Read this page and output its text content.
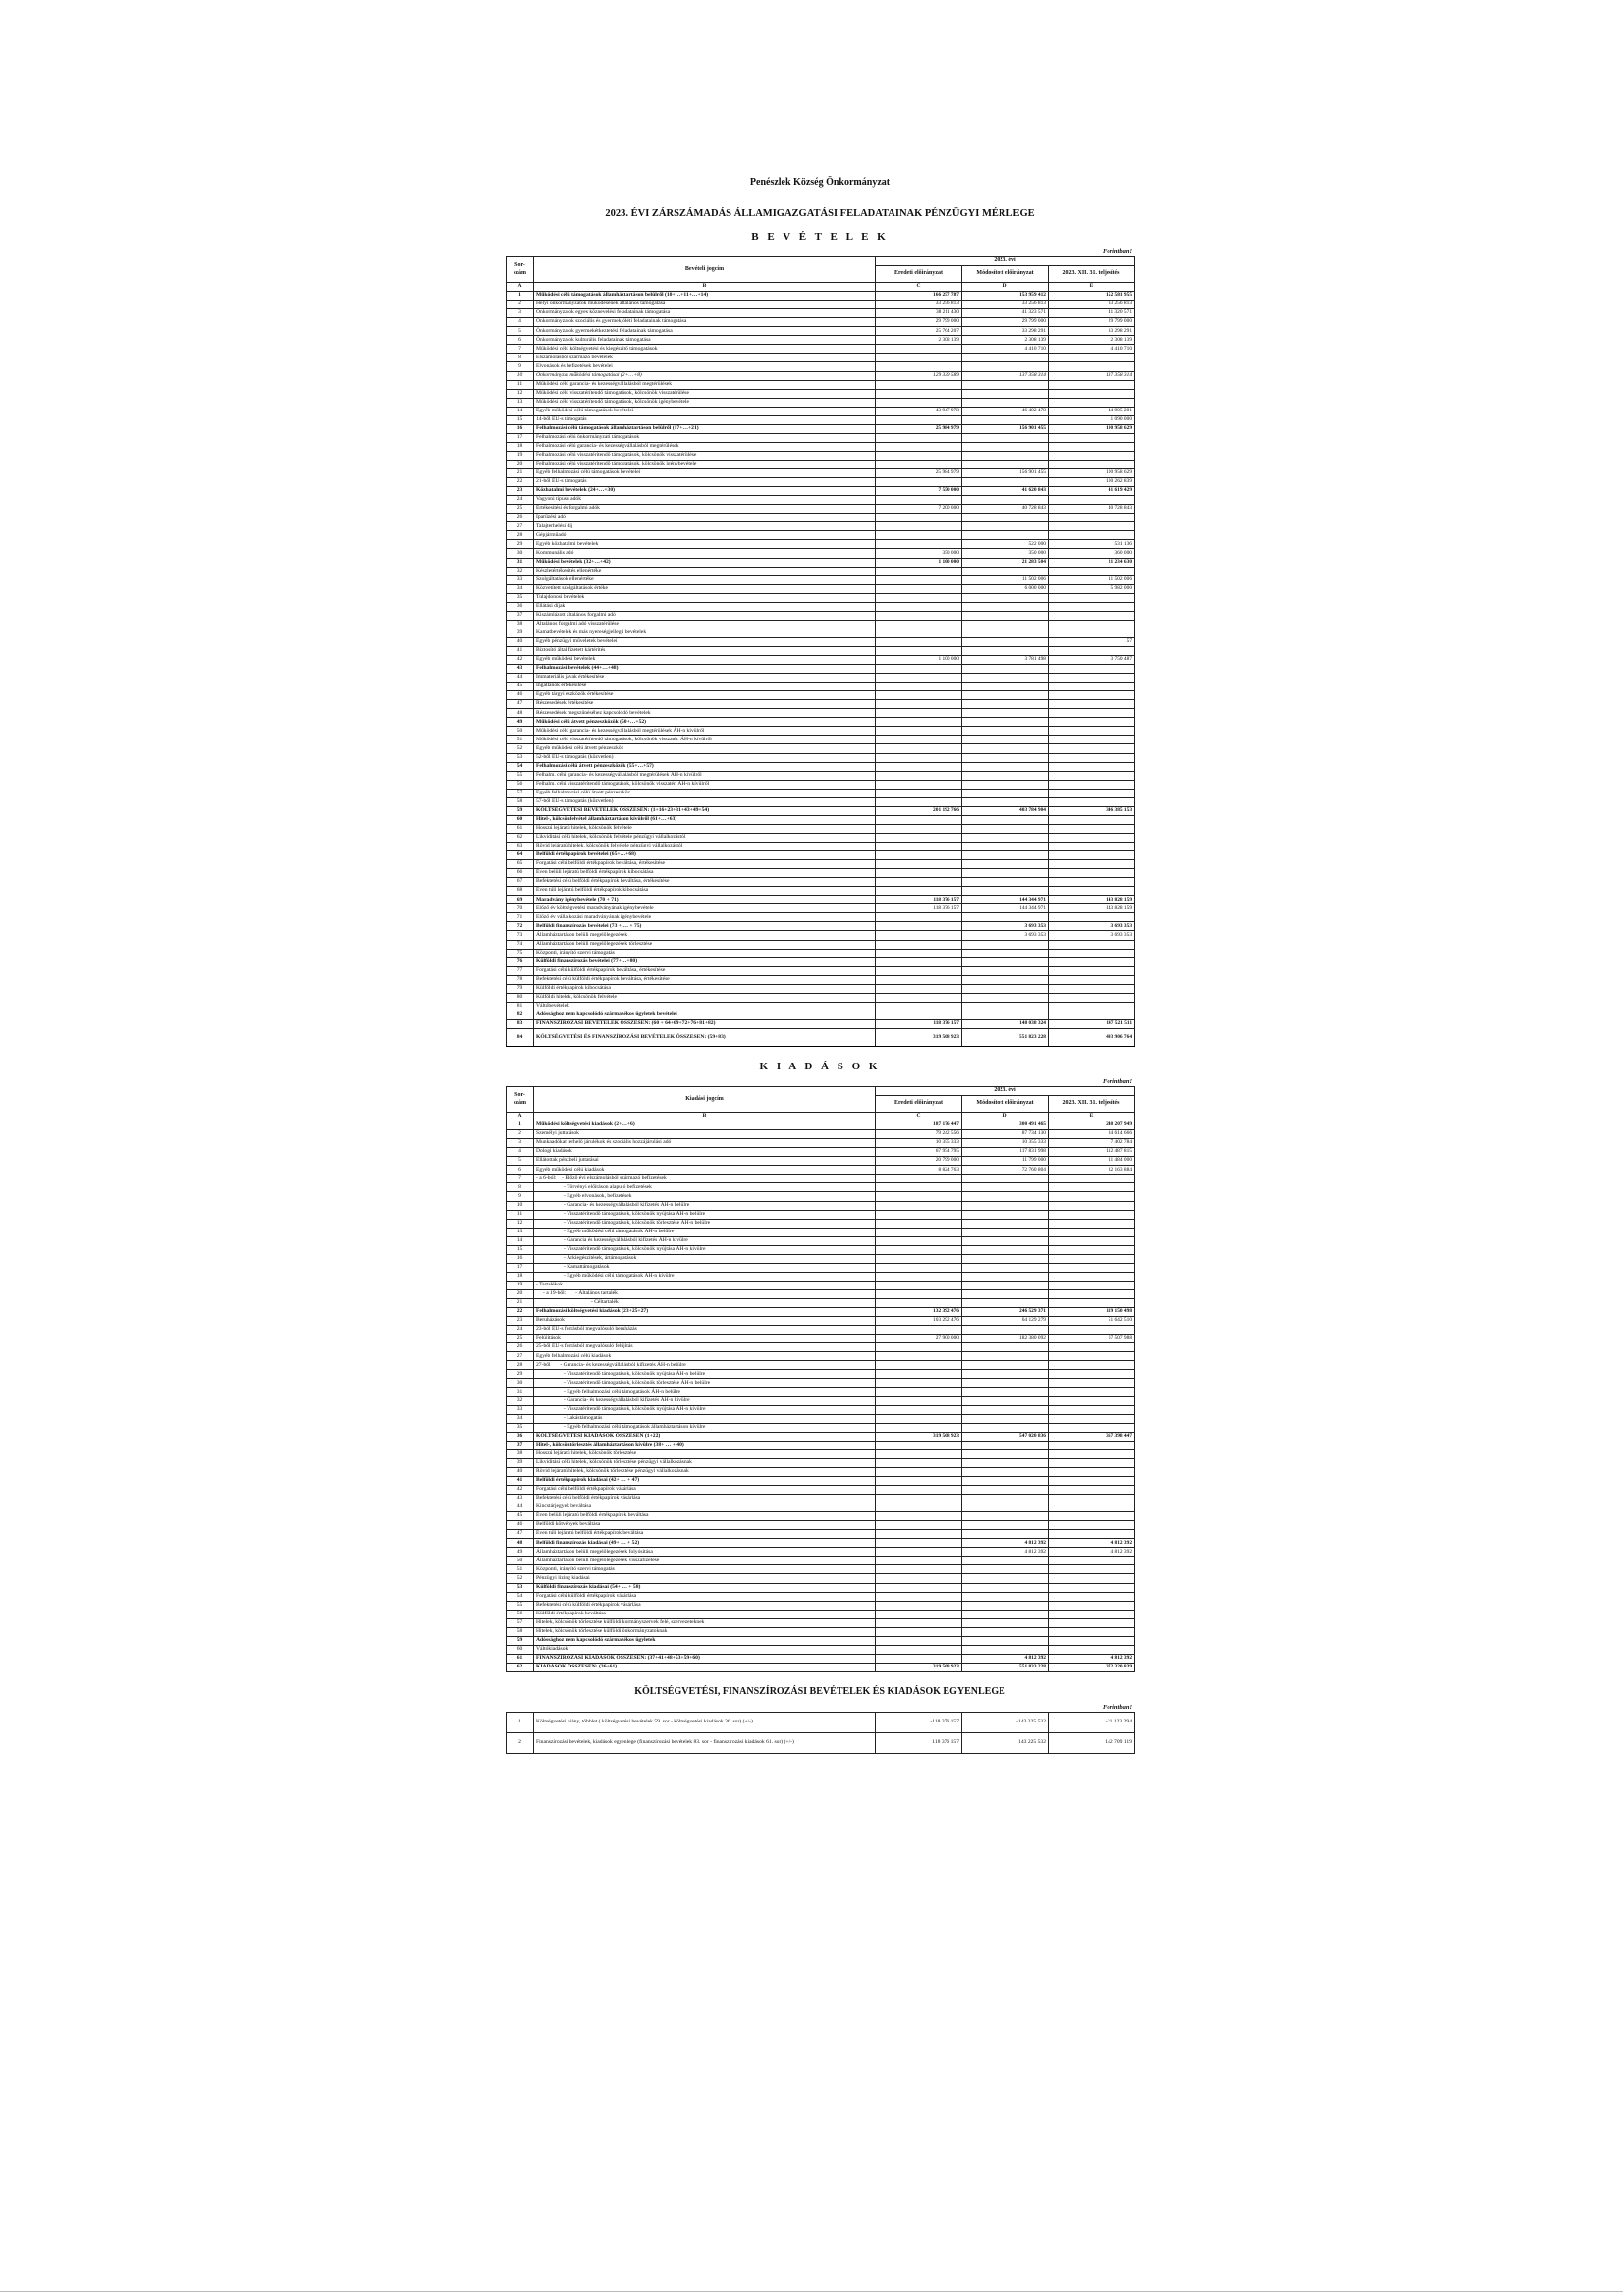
Penészlek Község Önkormányzat
2023. ÉVI ZÁRSZÁMADÁS ÁLLAMIGAZGATÁSI FELADATAINAK PÉNZÜGYI MÉRLEGE
B E V É T E L E K
Forintban!
Sor-szám	Bevételi jogcím	2023. évi		
		Eredeti előirányzat	Módosított előirányzat	2023. XII. 31. teljesítés
A	B	C	D	E
1	Működési célú támogatások államháztartáson belülről (10+…+11+…+14)	166 257 787	153 959 412	152 581 955
2	Helyi önkormányzatok működésének általános támogatása	33 256 813	33 256 813	33 256 813
3	Önkormányzatok egyes köznevelési feladatainak támogatása	38 211 430	41 323 571	41 320 571
4	Önkormányzatok szociális és gyermekjóléti feladatainak támogatása	29 799 000	29 799 000	29 799 000
5	Önkormányzatok gyermekétkeztetési feladatainak támogatása	25 764 207	33 298 291	33 298 291
6	Önkormányzatok kulturális feladatainak támogatása	2 308 139	2 308 139	2 308 139
7	Működési célú költségvetési és kiegészítő támogatások		4 410 710	4 410 710
8	Elszámolásból származó bevételek			
9	Elvonások és befizetések bevételei			
10	Önkormányzat működési támogatásai (2+…+8)	129 339 589	137 358 314	137 358 314
11	Működési célú garancia- és kezességvállalásból megtérülések			
12	Működési célú visszatérítendő támogatások, kölcsönök visszatérülése			
13	Működési célú visszatérítendő támogatások, kölcsönök igénybevétele			
14	Egyéb működési célú támogatások bevételei	43 947 978	46 402 478	44 905 201
15	14-ből EU-s támogatás			1 090 000
16	Felhalmozási célú támogatások államháztartáson belülről (17+…+21)	25 984 979	156 901 455	100 958 629
17	Felhalmozási célú önkormányzati támogatások			
18	Felhalmozási célú garancia- és kezességvállalásból megtérülések			
19	Felhalmozási célú visszatérítendő támogatások, kölcsönök visszatérülése			
20	Felhalmozási célú visszatérítendő támogatások, kölcsönök igénybevétele			
21	Egyéb felhalmozási célú támogatások bevételei	25 984 979	156 901 455	100 958 629
22	21-ből EU-s támogatás			100 262 839
23	Közhatalmi bevételek (24+…+30)	7 550 000	41 620 843	41 619 429
24	Vagyoni típusú adók			
25	Értékesítési és forgalmi adók	7 200 000	40 728 843	40 728 843
26	Iparűzési adó			
27	Talajterhelési díj			
28	Gépjárműadó			
29	Egyéb közhatalmi bevételek		522 000	531 136
30	Kommunális adó	350 000	350 000	360 000
31	Működési bevételek (32+…+42)	1 100 000	21 283 504	21 234 630
32	Készletértékesítés ellenértéke			
33	Szolgáltatások ellenértéke		11 502 006	11 502 006
34	Közvetített szolgáltatások értéke		6 000 000	5 982 000
35	Tulajdonosi bevételek			
36	Ellátási díjak			
37	Kiszámlázott általános forgalmi adó			
38	Általános forgalmi adó visszatérülése			
39	Kamatbevételek és más nyereségjellegű bevételek			
40	Egyéb pénzügyi műveletek bevételei			57
41	Biztosító által fizetett kártérítés			
42	Egyéb működési bevételek	1 100 000	3 781 498	3 750 487
43	Felhalmozási bevételek (44+…+48)			
44	Immateriális javak értékesítése			
45	Ingatlanok értékesítése			
46	Egyéb tárgyi eszközök értékesítése			
47	Részesedések értékesítése			
48	Részesedések megszűnéséhez kapcsolódó bevételek			
49	Működési célú átvett pénzeszközök (50+…+52)			
50	Működési célú garancia- és kezességvállalásból megtérülések ÁH-n kívülről			
51	Működési célú visszatérítendő támogatások, kölcsönök visszatér. ÁH-n kívülről			
52	Egyéb működési célú átvett pénzeszköz			
53	52-ből EU-s támogatás (közvetlen)			
54	Felhalmozási célú átvett pénzeszközök (55+…+57)			
55	Felhalm. célú garancia- és kezességvállalásból megtérülések ÁH-n kívülről			
56	Felhalm. célú visszatérítendő támogatások, kölcsönök visszatér. ÁH-n kívülről			
57	Egyéb felhalmozási célú átvett pénzeszköz			
58	57-ből EU-s támogatás (közvetlen)			
59	KÖLTSÉGVETÉSI BEVÉTELEK ÖSSZESEN: (1+16+23+31+43+49+54)	201 192 766	403 784 904	346 385 153
60	Hitel-, kölcsönfelvétel államháztartáson kívülről (61+…+63)			
61	Hosszú lejáratú hitelek, kölcsönök felvétele			
62	Likviditási célú hitelek, kölcsönök felvétele pénzügyi vállalkozástól			
63	Rövid lejáratú hitelek, kölcsönök felvétele pénzügyi vállalkozástól			
64	Belföldi értékpapírok bevételei (65+…+68)			
65	Forgatási célú belföldi értékpapírok beváltása, értékesítése			
66	Éven belüli lejáratú belföldi értékpapírok kibocsátása			
67	Befektetési célú belföldi értékpapírok beváltása, értékesítése			
68	Éven túli lejáratú belföldi értékpapírok kibocsátása			
69	Maradvány igénybevétele (70 + 71)	118 376 157	144 344 971	143 828 159
70	Előző év költségvetési maradványának igénybevétele	118 376 157	144 344 971	143 828 159
71	Előző év vállalkozási maradványának igénybevétele			
72	Belföldi finanszírozás bevételei (73 + … + 75)		3 693 353	3 693 353
73	Államháztartáson belüli megelőlegezések		3 693 353	3 693 353
74	Államháztartáson belüli megelőlegezések törlesztése			
75	Központi, irányító szervi támogatás			
76	Külföldi finanszírozás bevételei (77+…+80)			
77	Forgatási célú külföldi értékpapírok beváltása, értékesítése			
78	Befektetési célú külföldi értékpapírok beváltása, értékesítése			
79	Külföldi értékpapírok kibocsátása			
80	Külföldi hitelek, kölcsönök felvétele			
81	Váltóbevételek			
82	Adóssághoz nem kapcsolódó származékos ügyletek bevételei			
83	FINANSZÍROZÁSI BEVÉTELEK ÖSSZESEN: (60 + 64+69+72+76+81+82)	118 376 157	148 038 324	147 521 511
84	KÖLTSÉGVETÉSI ÉS FINANSZÍROZÁSI BEVÉTELEK ÖSSZESEN: (59+83)	319 568 923	551 823 228	493 906 764
K I A D Á S O K
Forintban!
Sor-szám	Kiadási jogcím	2023. évi		
		Eredeti előirányzat	Módosított előirányzat	2023. XII. 31. teljesítés
A	B	C	D	E
1	Működési költségvetési kiadások (2+…+6)	187 176 447	300 491 465	248 207 949
2	Személyi juttatások	79 242 556	87 734 130	84 614 666
3	Munkaadókat terhelő járulékok és szociális hozzájárulási adó	10 355 333	10 355 333	7 402 784
4	Dologi kiadások	67 954 795	117 831 998	112 487 815
5	Ellátottak pénzbeli juttatásai	20 799 000	11 799 000	11 484 000
6	Egyéb működési célú kiadások	8 824 763	72 760 804	32 163 884
7	- a 6-ból:    - Előző évi elszámolásból származó befizetések			
8	- Törvényi előíráson alapuló befizetések			
9	- Egyéb elvonások, befizetések			
10	- Garancia- és kezességvállalásból kifizetés ÁH-n belülre			
11	- Visszatérítendő támogatások, kölcsönök nyújtása ÁH-n belülre			
12	- Visszatérítendő támogatások, kölcsönök törlesztése ÁH-n belülre			
13	- Egyéb működési célú támogatások ÁH-n belülre			
14	- Garancia és kezességvállalásból kifizetés ÁH-n kívülre			
15	- Visszatérítendő támogatások, kölcsönök nyújtása ÁH-n kívülre			
16	- Árkiegészítések, ártámogatások			
17	- Kamattámogatások			
18	- Egyéb működési célú támogatások ÁH-n kívülre			
19	- Tartalékok			
20	- a 19-ből:       - Általános tartalék			
21	- Céltartalék			
22	Felhalmozási költségvetési kiadások (23+25+27)	132 392 476	246 529 371	119 150 498
23	Beruházások	103 292 476	64 129 279	51 642 510
24	23-ból EU-s forrásból megvalósuló beruházás			
25	Felújítások	27 900 000	182 380 092	67 507 988
26	25-ből EU-s forrásból megvalósuló felújítás			
27	Egyéb felhalmozási célú kiadások			
28	27-ből       - Garancia- és kezességvállalásból kifizetés ÁH-n belülre			
29	- Visszatérítendő támogatások, kölcsönök nyújtása ÁH-n belülre			
30	- Visszatérítendő támogatások, kölcsönök törlesztése ÁH-n belülre			
31	- Egyéb felhalmozási célú támogatások ÁH-n belülre			
32	- Garancia- és kezességvállalásból kifizetés ÁH-n kívülre			
33	- Visszatérítendő támogatások, kölcsönök nyújtása ÁH-n kívülre			
34	- Lakástámogatás			
35	- Egyéb felhalmozási célú támogatások államháztartáson kívülre			
36	KÖLTSÉGVETÉSI KIADÁSOK ÖSSZESEN (1+22)	319 568 923	547 020 836	367 398 447
37	Hitel-, kölcsöntörlesztés államháztartáson kívülre (38+ … + 40)			
38	Hosszú lejáratú hitelek, kölcsönök törlesztése			
39	Likviditási célú hitelek, kölcsönök törlesztése pénzügyi vállalkozásnak			
40	Rövid lejáratú hitelek, kölcsönök törlesztése pénzügyi vállalkozásnak			
41	Belföldi értékpapírok kiadásai (42+ … + 47)			
42	Forgatási célú belföldi értékpapírok vásárlása			
43	Befektetési célú belföldi értékpapírok vásárlása			
44	Kincstárjegyek beváltása			
45	Éven belüli lejáratú belföldi értékpapírok beváltása			
46	Belföldi kötvények beváltása			
47	Éven túli lejáratú belföldi értékpapírok beváltása			
48	Belföldi finanszírozás kiadásai (49+ … + 52)		4 812 392	4 812 392
49	Államháztartáson belüli megelőlegezések folyósítása		4 812 392	4 812 392
50	Államháztartáson belüli megelőlegezések visszafizetése			
51	Központi, irányító szervi támogatás			
52	Pénzügyi lízing kiadásai			
53	Külföldi finanszírozás kiadásai (54+ … + 58)			
54	Forgatási célú külföldi értékpapírok vásárlása			
55	Befektetési célú külföldi értékpapírok vásárlása			
56	Külföldi értékpapírok beváltása			
57	Hitelek, kölcsönök törlesztése külföldi kormányszervek felé, szervezeteknek			
58	Hitelek, kölcsönök törlesztése külföldi önkormányzatoknak			
59	Adóssághoz nem kapcsolódó származékos ügyletek			
60	Váltókiadások			
61	FINANSZÍROZÁSI KIADÁSOK ÖSSZESEN: (37+41+48+53+59+60)		4 812 392	4 812 392
62	KIADÁSOK ÖSSZESEN: (36+61)	319 568 923	551 833 228	372 320 839
KÖLTSÉGVETÉSI, FINANSZÍROZÁSI BEVÉTELEK ÉS KIADÁSOK EGYENLEGE
Forintban!
1	Költségvetési hiány, többlet ( költségvetési bevételek 59. sor - költségvetési kiadások 36. sor) (+/-)	-118 376 157	-143 225 532	-21 123 294
2	Finanszírozási bevételek, kiadások egyenlege (finanszírozási bevételek 83. sor - finanszírozási kiadások 61. sor) (+/-)	118 376 157	143 225 532	142 709 119
